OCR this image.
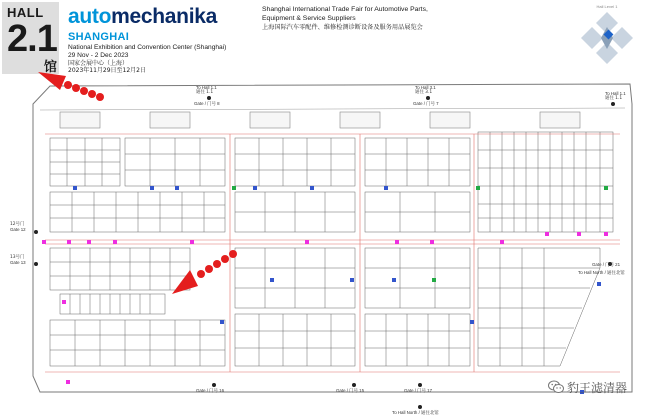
HALL
2.1
馆
automechanika
SHANGHAI
National Exhibition and Convention Center (Shanghai)
29 Nov - 2 Dec 2023
国家会展中心（上海）
2023年11月29日至12月2日
Shanghai International Trade Fair for Automotive Parts,
Equipment & Service Suppliers
上海国际汽车零配件、维修检测诊断设备及服务用品展览会
Hall Level 1
To Hall 1.1
通往 1.1
Gate / 门号 8
To Hall 3.1
通往 3.1
Gate / 门号 7
To Hall 1.1
通往 1.1
12号门
Gate 12
13号门
Gate 13	Gate / 门号 21
To Hall North / 通往北馆
Gate / 门号 16	Gate / 门号 15	Gate / 门号 17
To Hall North / 通往北馆
豹王滤清器
